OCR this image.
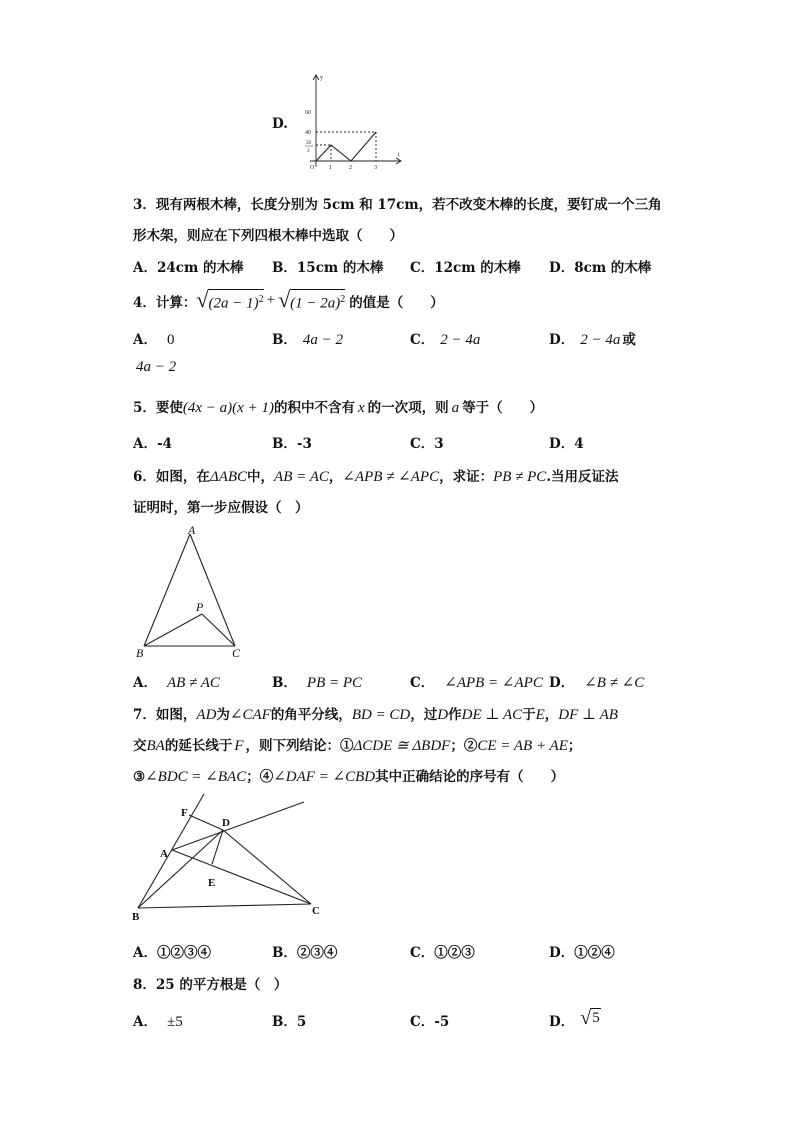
D.
y
60
40
50
3
O 1	2	3
t
3．现有两根木棒，长度分别为 5cm 和 17cm，若不改变木棒的长度，要钉成一个三角
形木架，则应在下列四根木棒中选取（　　）
A．24cm 的木棒 B．15cm 的木棒 C．12cm 的木棒 D．8cm 的木棒
4．计算： √ $(2a - 1)^2$ + √ $(1 - 2a)^2$ 的值是（　　）
A． 0	B． 4a − 2	C． 2 − 4a	D． 2 − 4a 或
4a − 2
5．要使(4x − a)(x + 1)的积中不含有 x 的一次项，则 a 等于（　　）
A．-4	B．-3	C．3	D．4
6．如图，在ΔABC中，AB = AC，∠APB ≠ ∠APC，求证：PB ≠ PC.当用反证法
证明时，第一步应假设（　）
A
P
B	C
A． AB ≠ AC	B． PB = PC	C． ∠APB = ∠APC D． ∠B ≠ ∠C
7．如图，AD为∠CAF的角平分线，BD = CD，过D作DE ⊥ AC于E，DF ⊥ AB
交BA的延长线于 F ，则下列结论：①ΔCDE ≅ ΔBDF；②CE = AB + AE；
③∠BDC = ∠BAC；④∠DAF = ∠CBD其中正确结论的序号有（　　）
F
D
A
E
B	C
A．①②③④	B．②③④	C．①②③	D．①②④
8．25 的平方根是（　）
A． ±5	B．5	C．-5	D． √ 5
